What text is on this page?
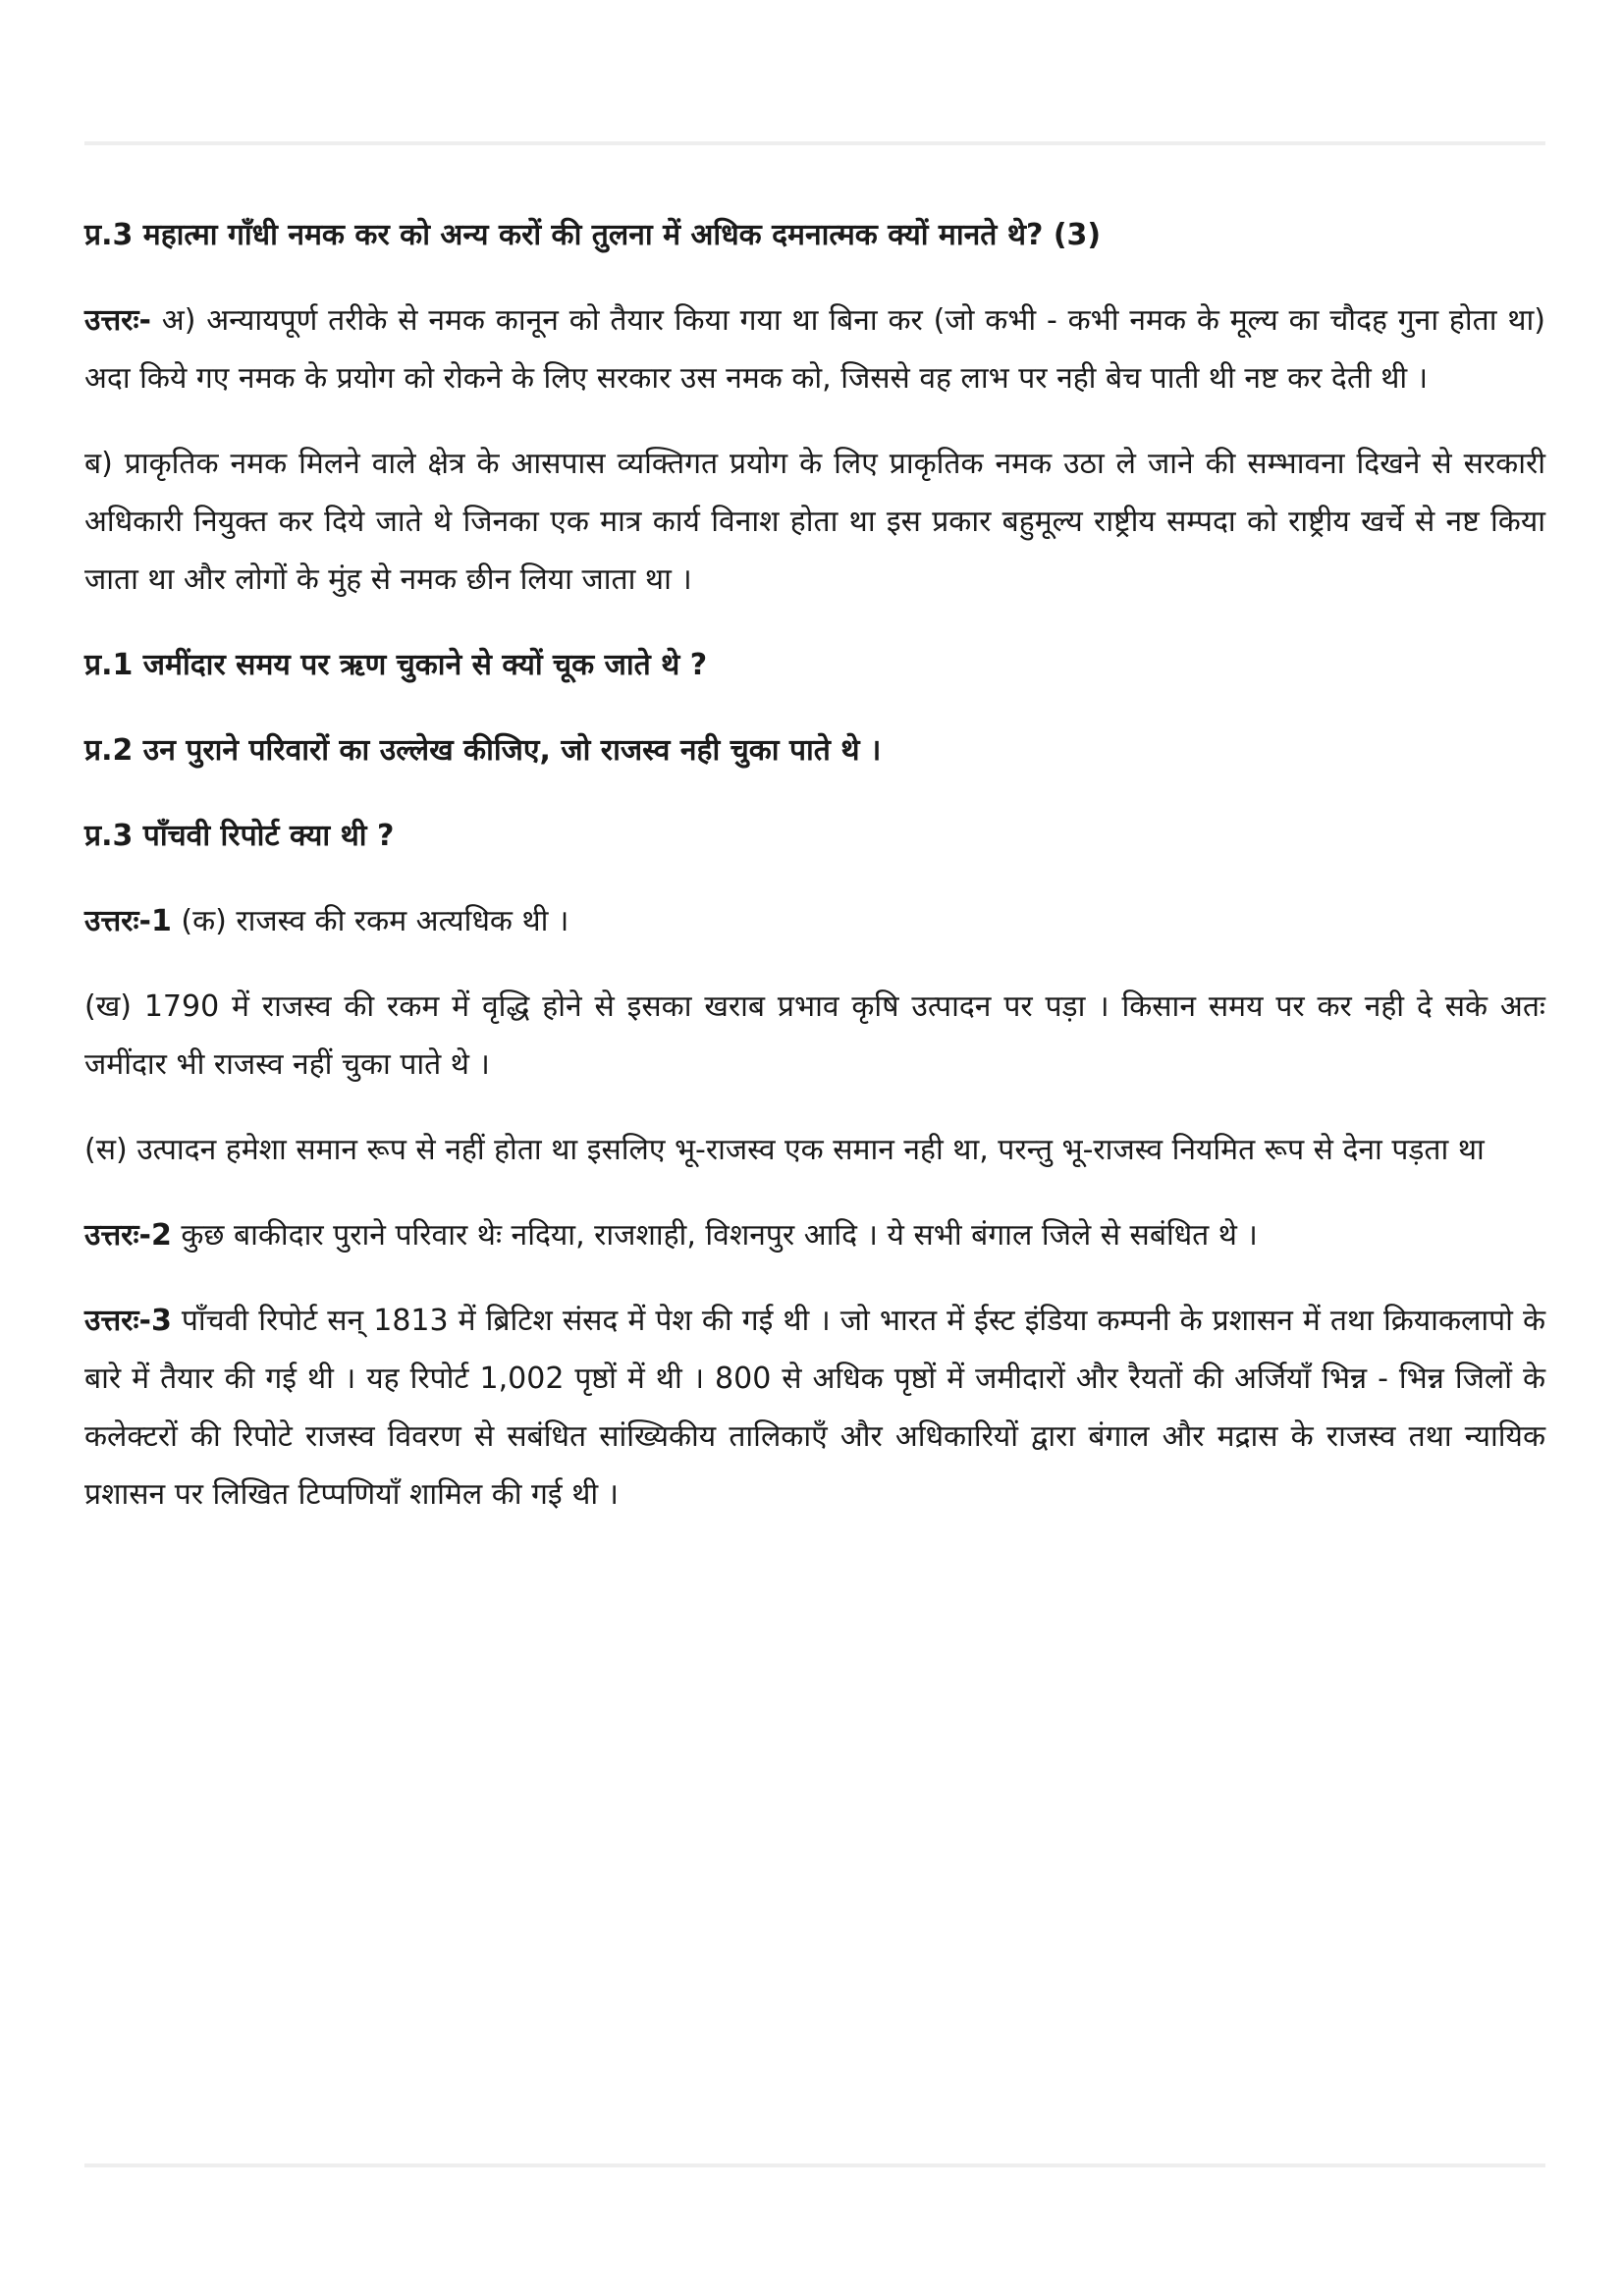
प्र.3 महात्मा गाँधी नमक कर को अन्य करों की तुलना में अधिक दमनात्मक क्यों मानते थे? (3)

उत्तरः- अ) अन्यायपूर्ण तरीके से नमक कानून को तैयार किया गया था बिना कर (जो कभी - कभी नमक के मूल्य का चौदह गुना होता था) अदा किये गए नमक के प्रयोग को रोकने के लिए सरकार उस नमक को, जिससे वह लाभ पर नही बेच पाती थी नष्ट कर देती थी ।

ब) प्राकृतिक नमक मिलने वाले क्षेत्र के आसपास व्यक्तिगत प्रयोग के लिए प्राकृतिक नमक उठा ले जाने की सम्भावना दिखने से सरकारी अधिकारी नियुक्त कर दिये जाते थे जिनका एक मात्र कार्य विनाश होता था इस प्रकार बहुमूल्य राष्ट्रीय सम्पदा को राष्ट्रीय खर्चे से नष्ट किया जाता था और लोगों के मुंह से नमक छीन लिया जाता था ।

प्र.1 जमींदार समय पर ऋण चुकाने से क्यों चूक जाते थे ?

प्र.2 उन पुराने परिवारों का उल्लेख कीजिए, जो राजस्व नही चुका पाते थे ।

प्र.3 पाँचवी रिपोर्ट क्या थी ?

उत्तरः-1 (क) राजस्व की रकम अत्यधिक थी ।

(ख) 1790 में राजस्व की रकम में वृद्धि होने से इसका खराब प्रभाव कृषि उत्पादन पर पड़ा । किसान समय पर कर नही दे सके अतः जमींदार भी राजस्व नहीं चुका पाते थे ।

(स) उत्पादन हमेशा समान रूप से नहीं होता था इसलिए भू-राजस्व एक समान नही था, परन्तु भू-राजस्व नियमित रूप से देना पड़ता था

उत्तरः-2 कुछ बाकीदार पुराने परिवार थेः नदिया, राजशाही, विशनपुर आदि । ये सभी बंगाल जिले से सबंधित थे ।

उत्तरः-3 पाँचवी रिपोर्ट सन् 1813 में ब्रिटिश संसद में पेश की गई थी । जो भारत में ईस्ट इंडिया कम्पनी के प्रशासन में तथा क्रियाकलापो के बारे में तैयार की गई थी । यह रिपोर्ट 1,002 पृष्ठों में थी । 800 से अधिक पृष्ठों में जमीदारों और रैयतों की अर्जियाँ भिन्न - भिन्न जिलों के कलेक्टरों की रिपोटे राजस्व विवरण से सबंधित सांख्यिकीय तालिकाएँ और अधिकारियों द्वारा बंगाल और मद्रास के राजस्व तथा न्यायिक प्रशासन पर लिखित टिप्पणियाँ शामिल की गई थी ।
